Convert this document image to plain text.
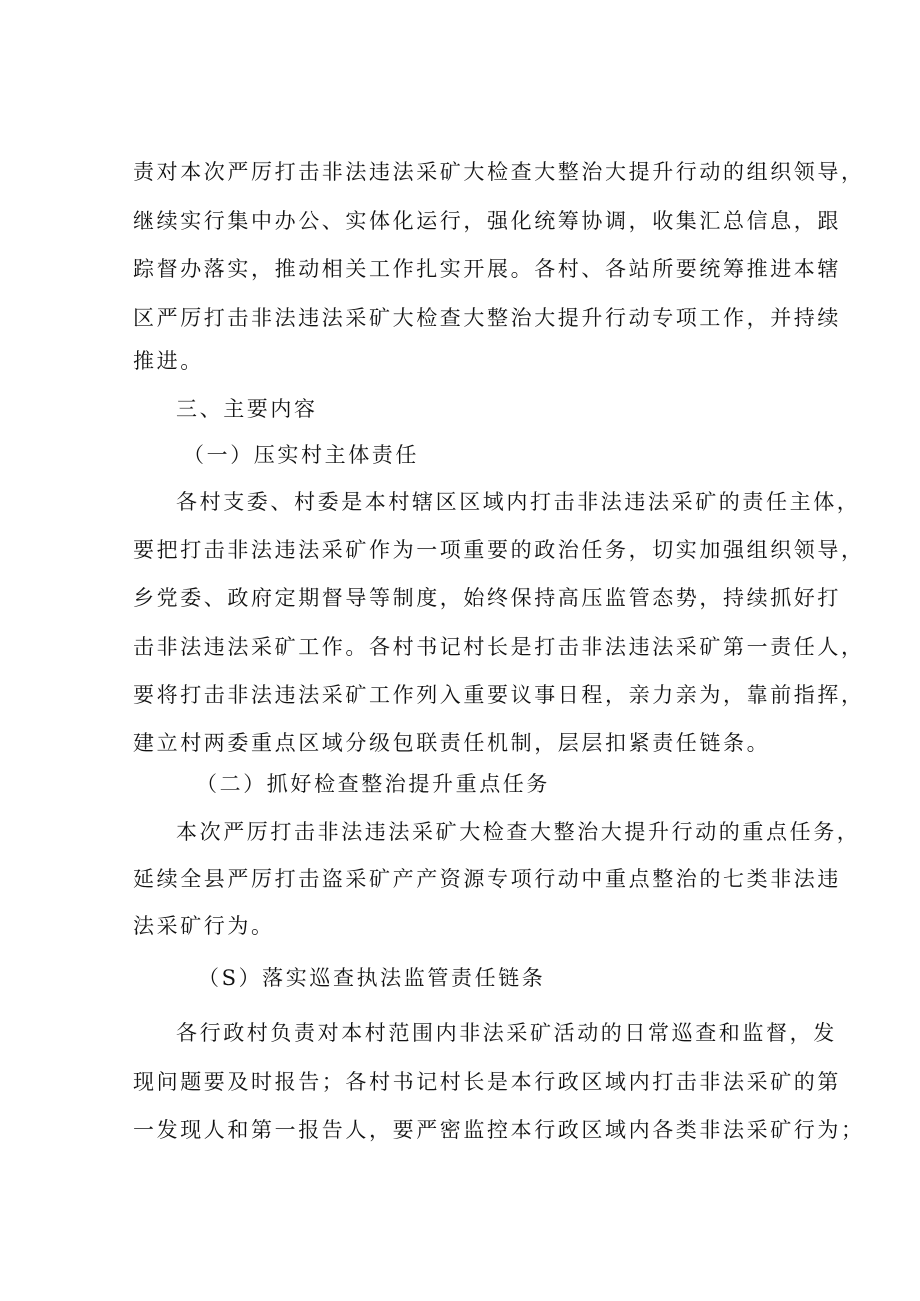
责对本次严厉打击非法违法采矿大检查大整治大提升行动的组织领导，
继续实行集中办公、实体化运行，强化统筹协调，收集汇总信息，跟
踪督办落实，推动相关工作扎实开展。各村、各站所要统筹推进本辖
区严厉打击非法违法采矿大检查大整治大提升行动专项工作，并持续
推进。
三、主要内容
（一）压实村主体责任
各村支委、村委是本村辖区区域内打击非法违法采矿的责任主体，
要把打击非法违法采矿作为一项重要的政治任务，切实加强组织领导，
乡党委、政府定期督导等制度，始终保持高压监管态势，持续抓好打
击非法违法采矿工作。各村书记村长是打击非法违法采矿第一责任人，
要将打击非法违法采矿工作列入重要议事日程，亲力亲为，靠前指挥，
建立村两委重点区域分级包联责任机制，层层扣紧责任链条。
（二）抓好检查整治提升重点任务
本次严厉打击非法违法采矿大检查大整治大提升行动的重点任务，
延续全县严厉打击盗采矿产产资源专项行动中重点整治的七类非法违
法采矿行为。
（S）落实巡查执法监管责任链条
各行政村负责对本村范围内非法采矿活动的日常巡查和监督，发
现问题要及时报告；各村书记村长是本行政区域内打击非法采矿的第
一发现人和第一报告人，要严密监控本行政区域内各类非法采矿行为；
